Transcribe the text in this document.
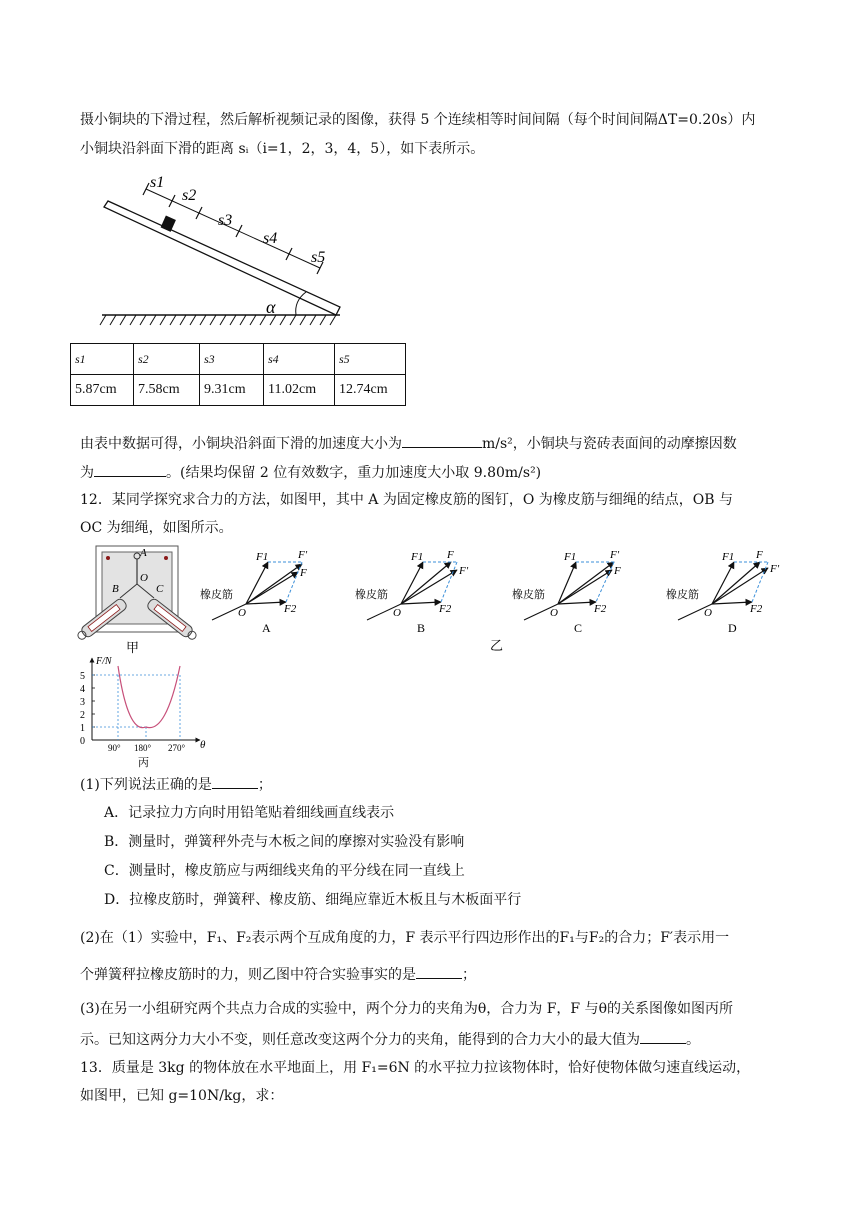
摄小铜块的下滑过程，然后解析视频记录的图像，获得 5 个连续相等时间间隔（每个时间间隔ΔT=0.20s）内
小铜块沿斜面下滑的距离 sᵢ（i=1，2，3，4，5），如下表所示。
s1
s2
s3
s4
s5
α
s1	s2	s3	s4	s5
5.87cm	7.58cm	9.31cm	11.02cm	12.74cm
由表中数据可得，小铜块沿斜面下滑的加速度大小为	m/s²，小铜块与瓷砖表面间的动摩擦因数
为	。(结果均保留 2 位有效数字，重力加速度大小取 9.80m/s²)
12．某同学探究求合力的方法，如图甲，其中 A 为固定橡皮筋的图钉，O 为橡皮筋与细绳的结点，OB 与
OC 为细绳，如图所示。
A
O
B	C
甲
F1	F′
F
F2
O
橡皮筋
A
F1 F
F′
F2
O
橡皮筋
B
F1	F′
F
F2
O
橡皮筋
C
F1 F
F′
F2
O
橡皮筋
D
乙
F/N
θ
0
1
2
3
4
5
90° 180° 270°
丙
(1)下列说法正确的是	；
A．记录拉力方向时用铅笔贴着细线画直线表示
B．测量时，弹簧秤外壳与木板之间的摩擦对实验没有影响
C．测量时，橡皮筋应与两细线夹角的平分线在同一直线上
D．拉橡皮筋时，弹簧秤、橡皮筋、细绳应靠近木板且与木板面平行
(2)在（1）实验中，F₁、F₂表示两个互成角度的力，F 表示平行四边形作出的F₁与F₂的合力；F′表示用一
个弹簧秤拉橡皮筋时的力，则乙图中符合实验事实的是	；
(3)在另一小组研究两个共点力合成的实验中，两个分力的夹角为θ，合力为 F，F 与θ的关系图像如图丙所
示。已知这两分力大小不变，则任意改变这两个分力的夹角，能得到的合力大小的最大值为	。
13．质量是 3kg 的物体放在水平地面上，用 F₁=6N 的水平拉力拉该物体时，恰好使物体做匀速直线运动，
如图甲，已知 g=10N/kg，求：
